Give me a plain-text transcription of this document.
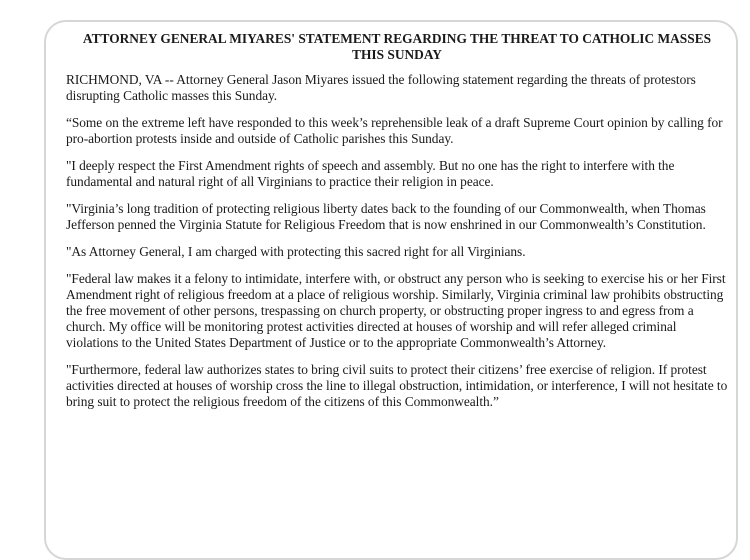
ATTORNEY GENERAL MIYARES' STATEMENT REGARDING THE THREAT TO CATHOLIC MASSES THIS SUNDAY

RICHMOND, VA -- Attorney General Jason Miyares issued the following statement regarding the threats of protestors disrupting Catholic masses this Sunday.

“Some on the extreme left have responded to this week’s reprehensible leak of a draft Supreme Court opinion by calling for pro-abortion protests inside and outside of Catholic parishes this Sunday.

"I deeply respect the First Amendment rights of speech and assembly. But no one has the right to interfere with the fundamental and natural right of all Virginians to practice their religion in peace.

"Virginia’s long tradition of protecting religious liberty dates back to the founding of our Commonwealth, when Thomas Jefferson penned the Virginia Statute for Religious Freedom that is now enshrined in our Commonwealth’s Constitution.

"As Attorney General, I am charged with protecting this sacred right for all Virginians.

"Federal law makes it a felony to intimidate, interfere with, or obstruct any person who is seeking to exercise his or her First Amendment right of religious freedom at a place of religious worship. Similarly, Virginia criminal law prohibits obstructing the free movement of other persons, trespassing on church property, or obstructing proper ingress to and egress from a church. My office will be monitoring protest activities directed at houses of worship and will refer alleged criminal violations to the United States Department of Justice or to the appropriate Commonwealth’s Attorney.

"Furthermore, federal law authorizes states to bring civil suits to protect their citizens’ free exercise of religion. If protest activities directed at houses of worship cross the line to illegal obstruction, intimidation, or interference, I will not hesitate to bring suit to protect the religious freedom of the citizens of this Commonwealth.”
